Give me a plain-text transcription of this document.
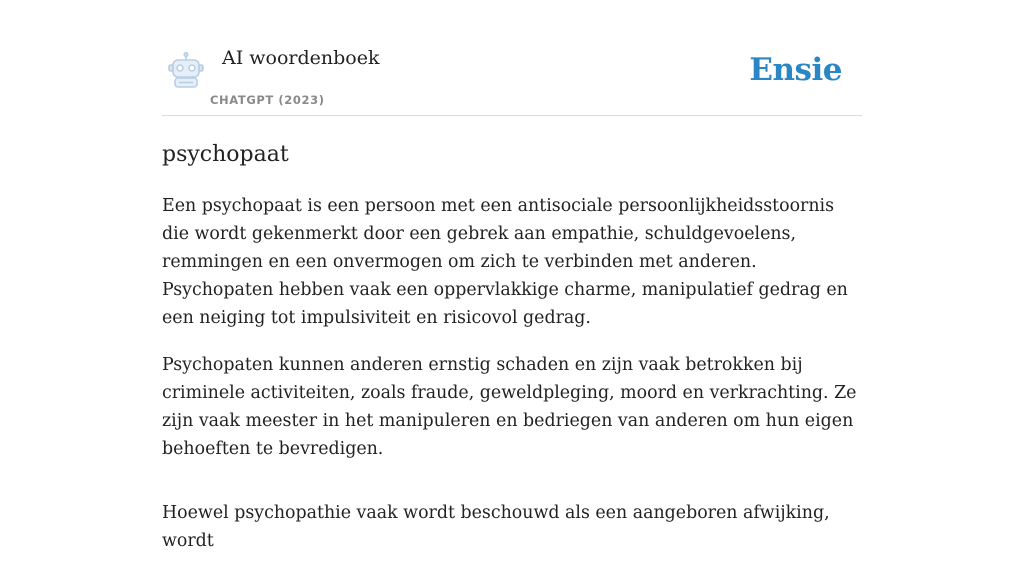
AI woordenboek
CHATGPT (2023)
Ensie
psychopaat

Een psychopaat is een persoon met een antisociale persoonlijkheidsstoornis die wordt gekenmerkt door een gebrek aan empathie, schuldgevoelens, remmingen en een onvermogen om zich te verbinden met anderen. Psychopaten hebben vaak een oppervlakkige charme, manipulatief gedrag en een neiging tot impulsiviteit en risicovol gedrag.

Psychopaten kunnen anderen ernstig schaden en zijn vaak betrokken bij criminele activiteiten, zoals fraude, geweldpleging, moord en verkrachting. Ze zijn vaak meester in het manipuleren en bedriegen van anderen om hun eigen behoeften te bevredigen.

Hoewel psychopathie vaak wordt beschouwd als een aangeboren afwijking, wordt
